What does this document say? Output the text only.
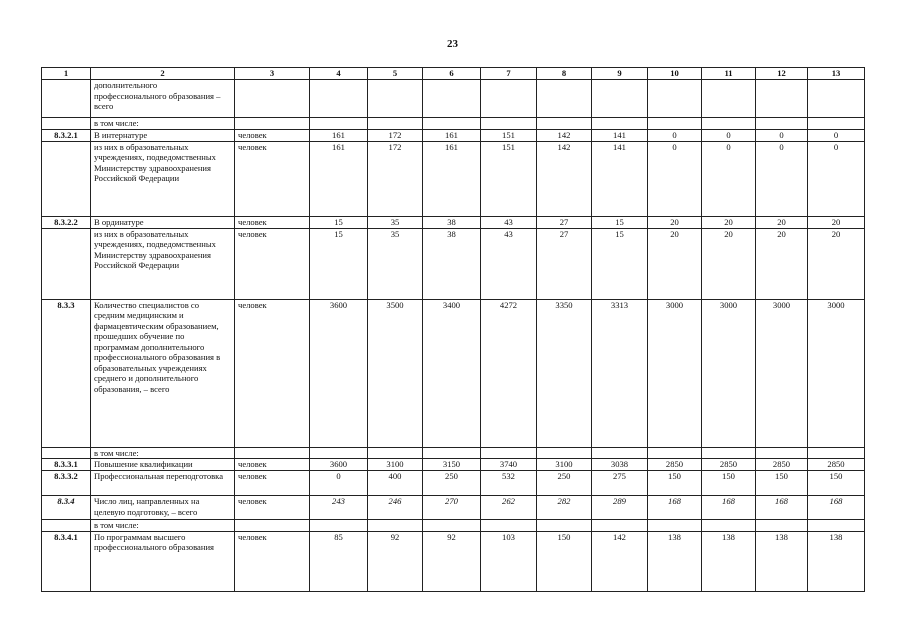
23
1	2	3	4	5	6	7	8	9	10	11	12	13
	дополнительного профессионального образования – всего											
	в том числе:											
8.3.2.1	В интернатуре	человек	161	172	161	151	142	141	0	0	0	0
	из них в образовательных учреждениях, подведомственных Министерству здравоохранения Российской Федерации	человек	161	172	161	151	142	141	0	0	0	0
8.3.2.2	В ординатуре	человек	15	35	38	43	27	15	20	20	20	20
	из них в образовательных учреждениях, подведомственных Министерству здравоохранения Российской Федерации	человек	15	35	38	43	27	15	20	20	20	20
8.3.3	Количество специалистов со средним медицинским и фармацевтическим образованием, прошедших обучение по программам дополнительного профессионального образования в образовательных учреждениях среднего и дополнительного образования, – всего	человек	3600	3500	3400	4272	3350	3313	3000	3000	3000	3000
	в том числе:											
8.3.3.1	Повышение квалификации	человек	3600	3100	3150	3740	3100	3038	2850	2850	2850	2850
8.3.3.2	Профессиональная переподготовка	человек	0	400	250	532	250	275	150	150	150	150
8.3.4	Число лиц, направленных на целевую подготовку, – всего	человек	243	246	270	262	282	289	168	168	168	168
	в том числе:											
8.3.4.1	По программам высшего профессионального образования	человек	85	92	92	103	150	142	138	138	138	138
